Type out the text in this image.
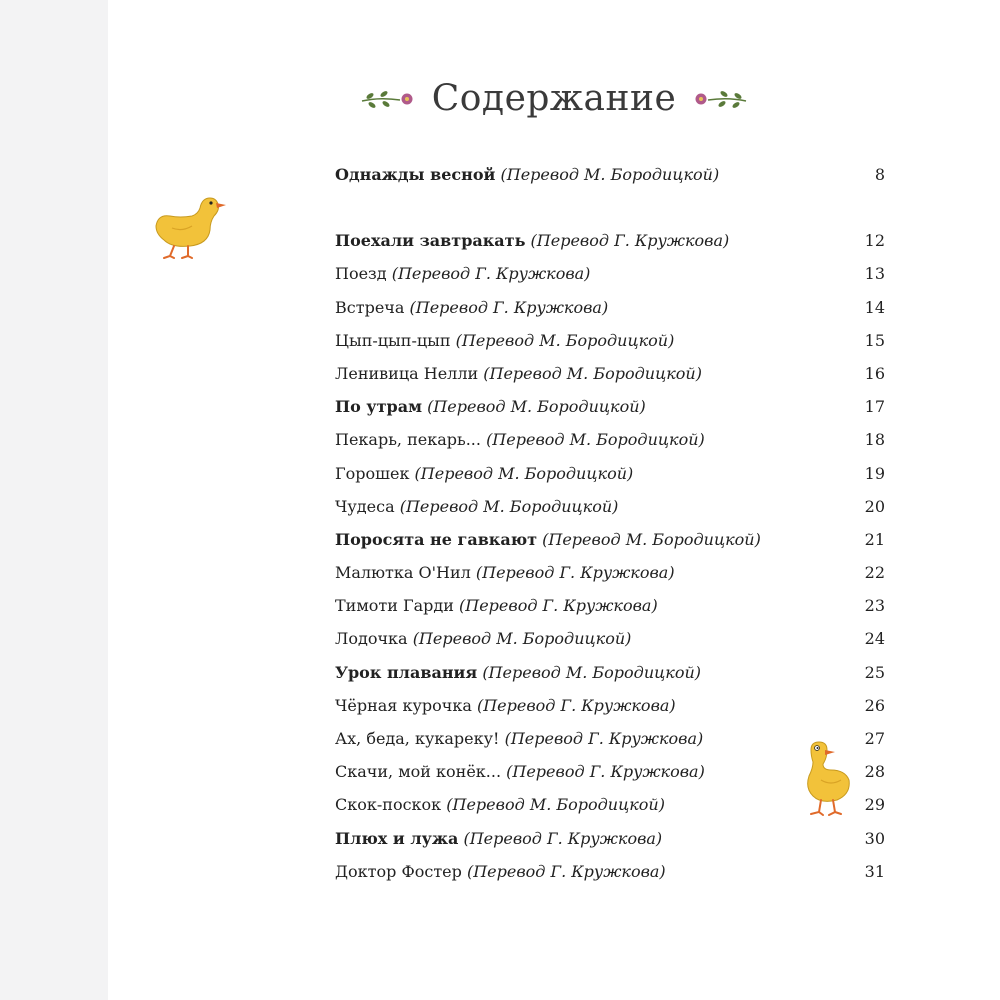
Содержание
Однажды весной (Перевод М. Бородицкой)	8
Поехали завтракать (Перевод Г. Кружкова)	12
Поезд (Перевод Г. Кружкова)	13
Встреча (Перевод Г. Кружкова)	14
Цып-цып-цып (Перевод М. Бородицкой)	15
Ленивица Нелли (Перевод М. Бородицкой)	16
По утрам (Перевод М. Бородицкой)	17
Пекарь, пекарь... (Перевод М. Бородицкой)	18
Горошек (Перевод М. Бородицкой)	19
Чудеса (Перевод М. Бородицкой)	20
Поросята не гавкают (Перевод М. Бородицкой)	21
Малютка О'Нил (Перевод Г. Кружкова)	22
Тимоти Гарди (Перевод Г. Кружкова)	23
Лодочка (Перевод М. Бородицкой)	24
Урок плавания (Перевод М. Бородицкой)	25
Чёрная курочка (Перевод Г. Кружкова)	26
Ах, беда, кукареку! (Перевод Г. Кружкова)	27
Скачи, мой конёк... (Перевод Г. Кружкова)	28
Скок-поскок (Перевод М. Бородицкой)	29
Плюх и лужа (Перевод Г. Кружкова)	30
Доктор Фостер (Перевод Г. Кружкова)	31
